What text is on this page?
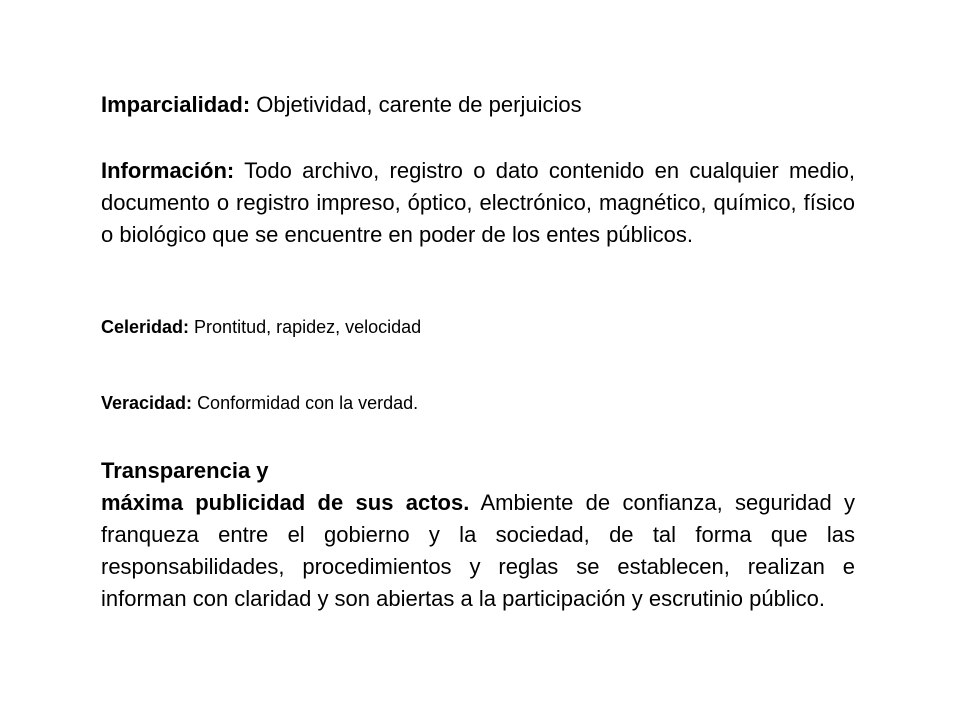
Imparcialidad: Objetividad, carente de perjuicios

Información: Todo archivo, registro o dato contenido en cualquier medio, documento o registro impreso, óptico, electrónico, magnético, químico, físico o biológico que se encuentre en poder de los entes públicos.

Celeridad: Prontitud, rapidez, velocidad

Veracidad: Conformidad con la verdad.

Transparencia y
máxima publicidad de sus actos. Ambiente de confianza, seguridad y franqueza entre el gobierno y la sociedad, de tal forma que las responsabilidades, procedimientos y reglas se establecen, realizan e informan con claridad y son abiertas a la participación y escrutinio público.
